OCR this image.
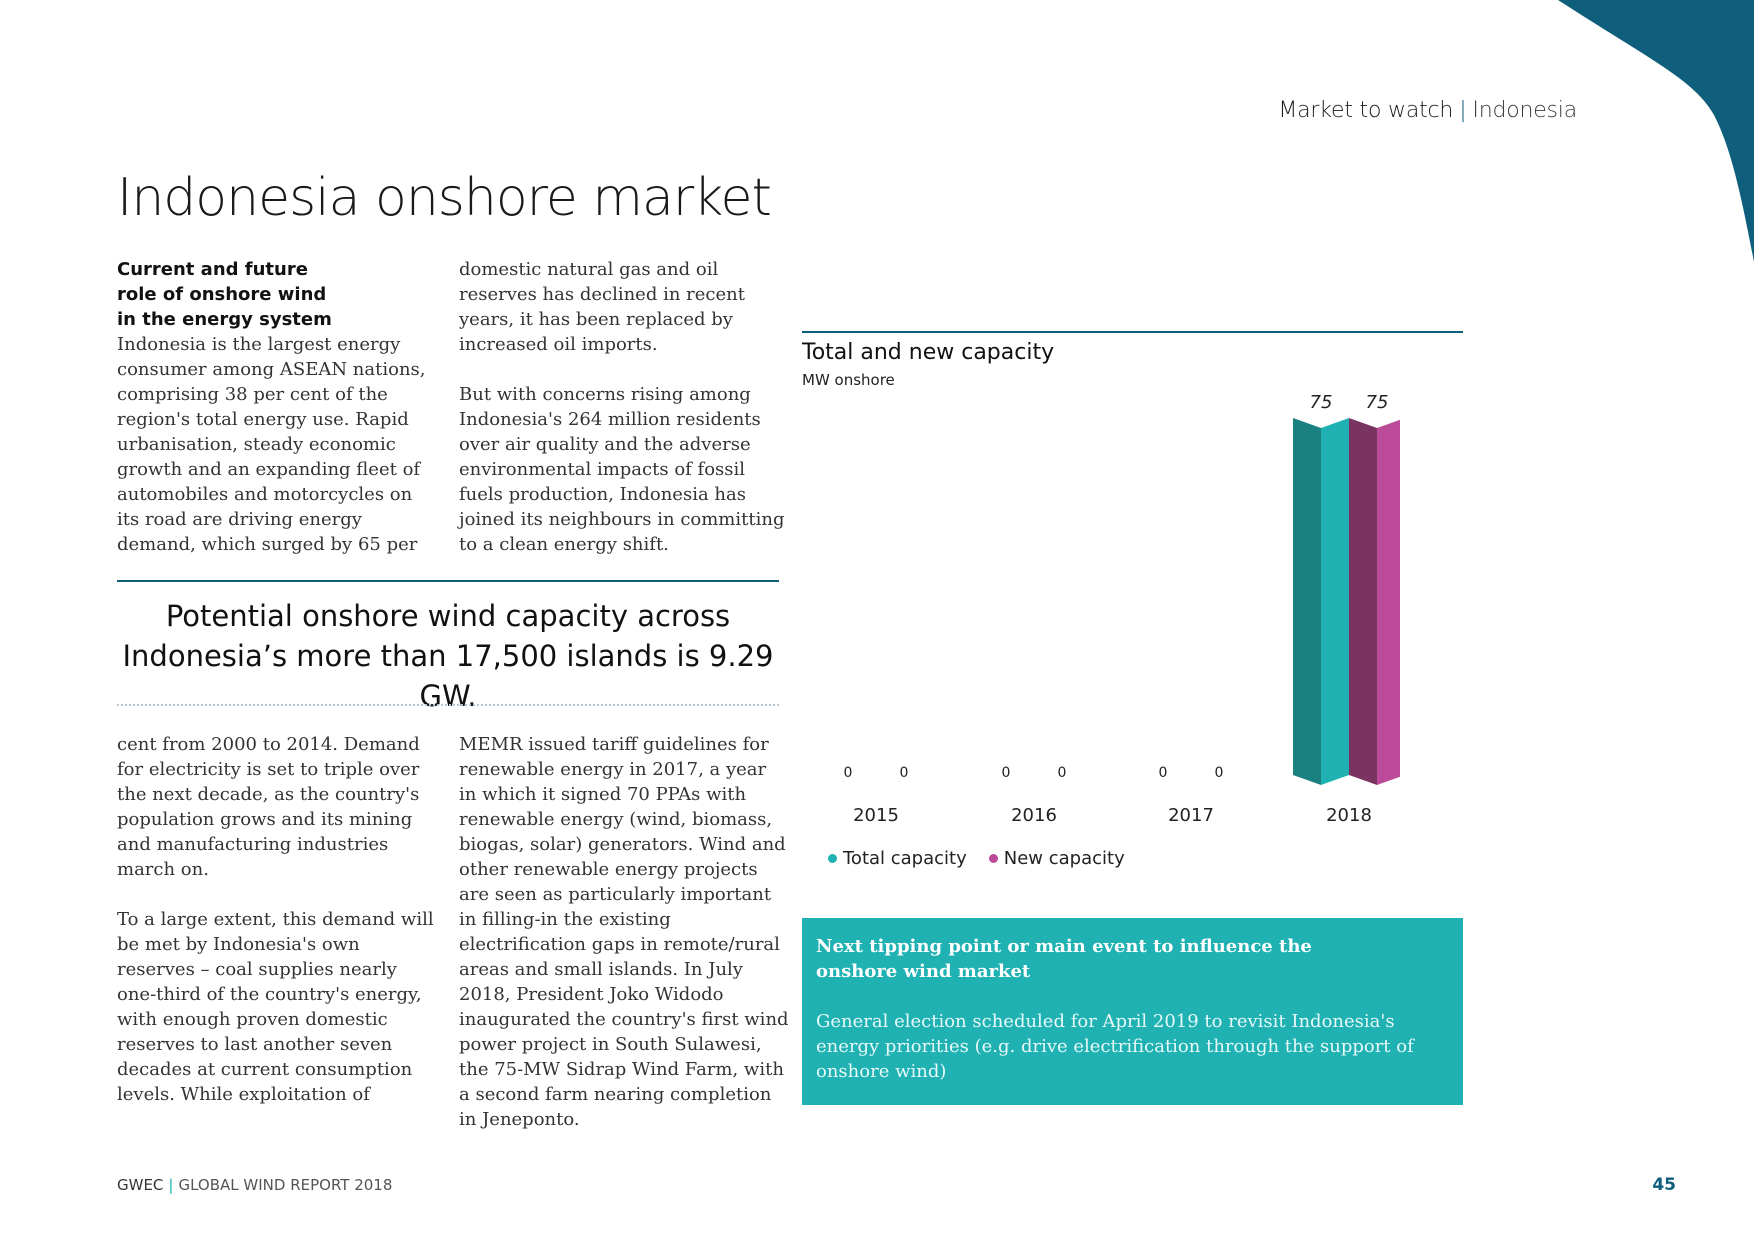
Market to watch | Indonesia
Indonesia onshore market
Current and future role of onshore wind in the energy system

Indonesia is the largest energy consumer among ASEAN nations, comprising 38 per cent of the region's total energy use. Rapid urbanisation, steady economic growth and an expanding fleet of automobiles and motorcycles on its road are driving energy demand, which surged by 65 per

domestic natural gas and oil reserves has declined in recent years, it has been replaced by increased oil imports.

But with concerns rising among Indonesia's 264 million residents over air quality and the adverse environmental impacts of fossil fuels production, Indonesia has joined its neighbours in committing to a clean energy shift.

Potential onshore wind capacity across Indonesia’s more than 17,500 islands is 9.29 GW.

cent from 2000 to 2014. Demand for electricity is set to triple over the next decade, as the country's population grows and its mining and manufacturing industries march on.

To a large extent, this demand will be met by Indonesia's own reserves – coal supplies nearly one-third of the country's energy, with enough proven domestic reserves to last another seven decades at current consumption levels. While exploitation of

MEMR issued tariff guidelines for renewable energy in 2017, a year in which it signed 70 PPAs with renewable energy (wind, biomass, biogas, solar) generators. Wind and other renewable energy projects are seen as particularly important in filling-in the existing electrification gaps in remote/rural areas and small islands. In July 2018, President Joko Widodo inaugurated the country's first wind power project in South Sulawesi, the 75-MW Sidrap Wind Farm, with a second farm nearing completion in Jeneponto.

Total and new capacity
MW onshore
2015
0	0
2016
0	0
2017
0	0
2018
75 75
Total capacity New capacity
Next tipping point or main event to influence the onshore wind market

General election scheduled for April 2019 to revisit Indonesia's energy priorities (e.g. drive electrification through the support of onshore wind)

GWEC | GLOBAL WIND REPORT 2018	45
